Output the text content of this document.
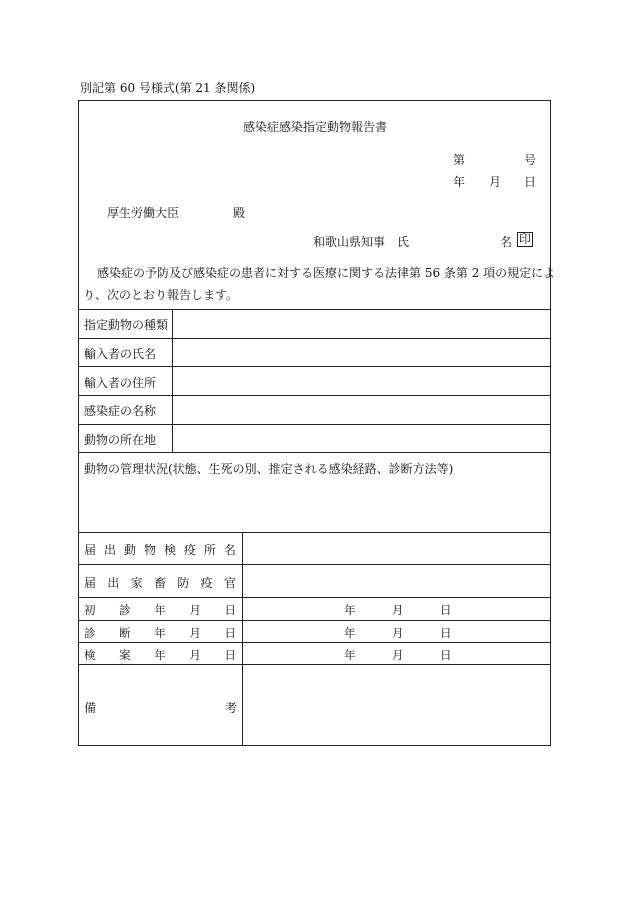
別記第 60 号様式(第 21 条関係)
感染症感染指定動物報告書
第	号
年 月 日
厚生労働大臣	殿
和歌山県知事　氏	名 印
感染症の予防及び感染症の患者に対する医療に関する法律第 56 条第 2 項の規定によ
り、次のとおり報告します。
指定動物の種類
輸入者の氏名
輸入者の住所
感染症の名称
動物の所在地
動物の管理状況(状態、生死の別、推定される感染経路、診断方法等)
届 出 動 物 検 疫 所 名
届 出 家 畜 防 疫 官
初 診 年 月 日	年	月	日
診 断 年 月 日	年	月	日
検 案 年 月 日	年	月	日
備	考
